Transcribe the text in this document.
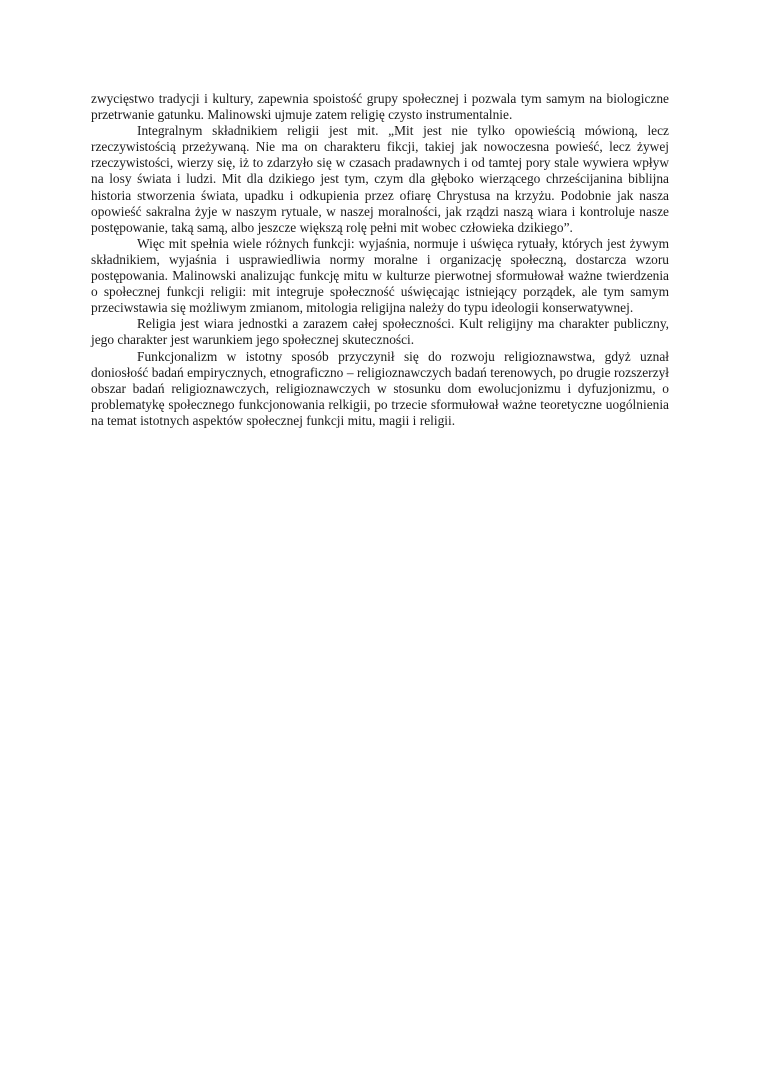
zwycięstwo tradycji i kultury, zapewnia spoistość grupy społecznej i pozwala tym samym na biologiczne przetrwanie gatunku. Malinowski ujmuje zatem religię czysto instrumentalnie.

Integralnym składnikiem religii jest mit. „Mit jest nie tylko opowieścią mówioną, lecz rzeczywistością przeżywaną. Nie ma on charakteru fikcji, takiej jak nowoczesna powieść, lecz żywej rzeczywistości, wierzy się, iż to zdarzyło się w czasach pradawnych i od tamtej pory stale wywiera wpływ na losy świata i ludzi. Mit dla dzikiego jest tym, czym dla głęboko wierzącego chrześcijanina biblijna historia stworzenia świata, upadku i odkupienia przez ofiarę Chrystusa na krzyżu. Podobnie jak nasza opowieść sakralna żyje w naszym rytuale, w naszej moralności, jak rządzi naszą wiara i kontroluje nasze postępowanie, taką samą, albo jeszcze większą rolę pełni mit wobec człowieka dzikiego”.

Więc mit spełnia wiele różnych funkcji: wyjaśnia, normuje i uświęca rytuały, których jest żywym składnikiem, wyjaśnia i usprawiedliwia normy moralne i organizację społeczną, dostarcza wzoru postępowania. Malinowski analizując funkcję mitu w kulturze pierwotnej sformułował ważne twierdzenia o społecznej funkcji religii: mit integruje społeczność uświęcając istniejący porządek, ale tym samym przeciwstawia się możliwym zmianom, mitologia religijna należy do typu ideologii konserwatywnej.

Religia jest wiara jednostki a zarazem całej społeczności. Kult religijny ma charakter publiczny, jego charakter jest warunkiem jego społecznej skuteczności.

Funkcjonalizm w istotny sposób przyczynił się do rozwoju religioznawstwa, gdyż uznał doniosłość badań empirycznych, etnograficzno – religioznawczych badań terenowych, po drugie rozszerzył obszar badań religioznawczych, religioznawczych w stosunku dom ewolucjonizmu i dyfuzjonizmu, o problematykę społecznego funkcjonowania relkigii, po trzecie sformułował ważne teoretyczne uogólnienia na temat istotnych aspektów społecznej funkcji mitu, magii i religii.
